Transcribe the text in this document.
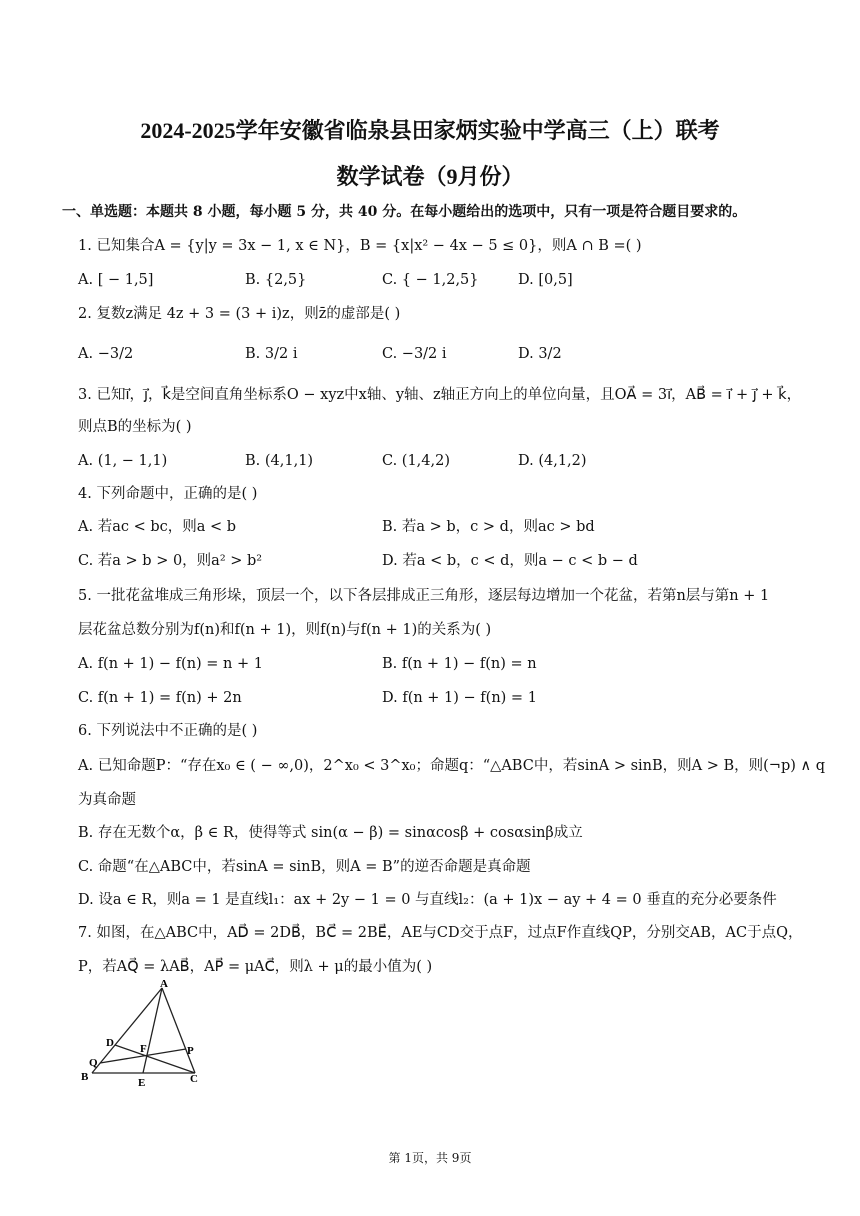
2024-2025学年安徽省临泉县田家炳实验中学高三（上）联考
数学试卷（9月份）
一、单选题：本题共 8 小题，每小题 5 分，共 40 分。在每小题给出的选项中，只有一项是符合题目要求的。
1. 已知集合A = {y|y = 3x − 1, x ∈ N}，B = {x|x² − 4x − 5 ≤ 0}，则A ∩ B =( )
A. [ − 1,5]	B. {2,5}	C. { − 1,2,5}	D. [0,5]
2. 复数z满足 4z + 3 = (3 + i)z，则z̄的虚部是( )
A. −3/2	B. 3/2 i	C. −3/2 i	D. 3/2
3. 已知i⃗，j⃗，k⃗是空间直角坐标系O − xyz中x轴、y轴、z轴正方向上的单位向量，且OA⃗ = 3i⃗，AB⃗ = i⃗ + j⃗ + k⃗，
则点B的坐标为( )
A. (1, − 1,1)	B. (4,1,1)	C. (1,4,2)	D. (4,1,2)
4. 下列命题中，正确的是( )
A. 若ac < bc，则a < b	B. 若a > b，c > d，则ac > bd
C. 若a > b > 0，则a² > b²	D. 若a < b，c < d，则a − c < b − d
5. 一批花盆堆成三角形垛，顶层一个，以下各层排成正三角形，逐层每边增加一个花盆，若第n层与第n + 1
层花盆总数分别为f(n)和f(n + 1)，则f(n)与f(n + 1)的关系为( )
A. f(n + 1) − f(n) = n + 1	B. f(n + 1) − f(n) = n
C. f(n + 1) = f(n) + 2n	D. f(n + 1) − f(n) = 1
6. 下列说法中不正确的是( )
A. 已知命题P：“存在x₀ ∈ ( − ∞,0)，2^x₀ < 3^x₀；命题q：“△ABC中，若sinA > sinB，则A > B，则(¬p) ∧ q
为真命题
B. 存在无数个α，β ∈ R，使得等式 sin(α − β) = sinαcosβ + cosαsinβ成立
C. 命题“在△ABC中，若sinA = sinB，则A = B”的逆否命题是真命题
D. 设a ∈ R，则a = 1 是直线l₁：ax + 2y − 1 = 0 与直线l₂：(a + 1)x − ay + 4 = 0 垂直的充分必要条件
7. 如图，在△ABC中，AD⃗ = 2DB⃗，BC⃗ = 2BE⃗，AE与CD交于点F，过点F作直线QP，分别交AB，AC于点Q，
P，若AQ⃗ = λAB⃗，AP⃗ = μAC⃗，则λ + μ的最小值为( )
A
D F	P
Q
B	E	C
第 1页，共 9页
